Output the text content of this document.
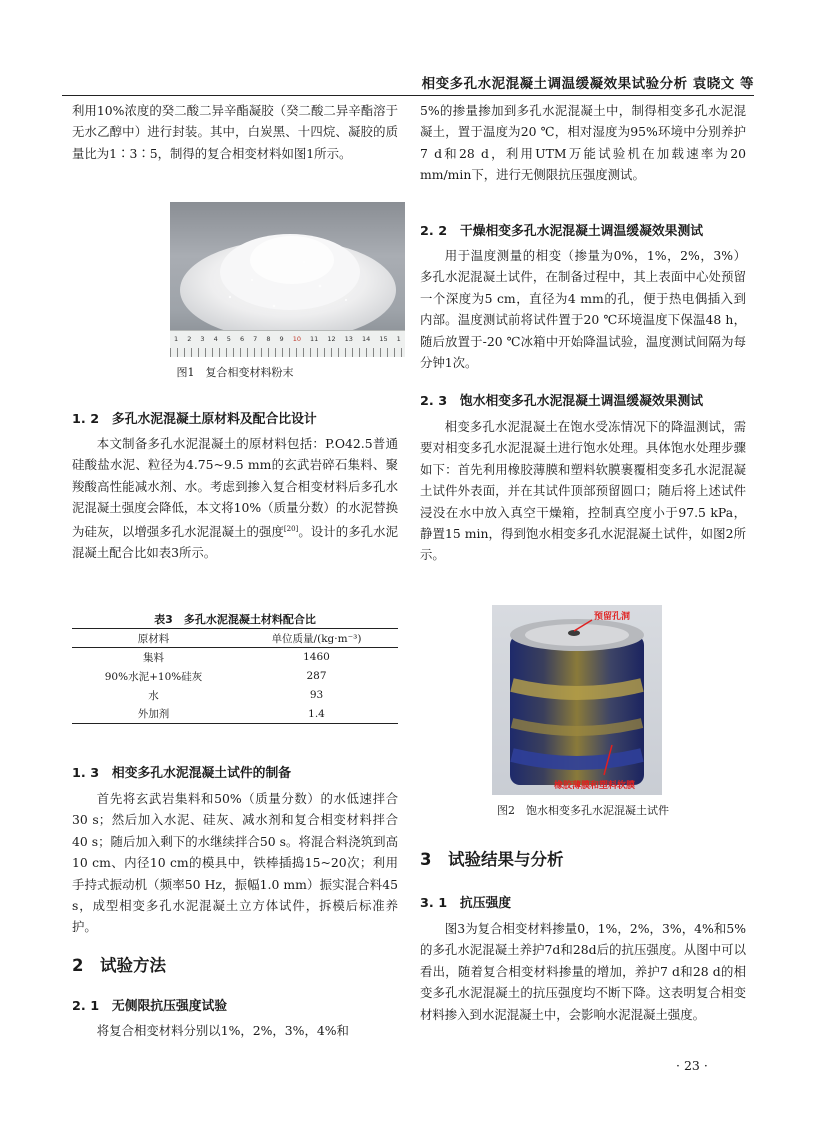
相变多孔水泥混凝土调温缓凝效果试验分析 袁晓文 等

利用10%浓度的癸二酸二异辛酯凝胶（癸二酸二异辛酯溶于无水乙醇中）进行封装。其中，白炭黑、十四烷、凝胶的质量比为1∶3∶5，制得的复合相变材料如图1所示。

1 2 3 4 5 6 7 8 9 10 11 12 13 14 15 1
图1　复合相变材料粉末
1. 2　多孔水泥混凝土原材料及配合比设计

本文制备多孔水泥混凝土的原材料包括：P.O42.5普通硅酸盐水泥、粒径为4.75~9.5 mm的玄武岩碎石集料、聚羧酸高性能减水剂、水。考虑到掺入复合相变材料后多孔水泥混凝土强度会降低，本文将10%（质量分数）的水泥替换为硅灰，以增强多孔水泥混凝土的强度[20]。设计的多孔水泥混凝土配合比如表3所示。

表3　多孔水泥混凝土材料配合比
原材料	单位质量/(kg·m⁻³)
集料	1460
90%水泥+10%硅灰	287
水	93
外加剂	1.4
1. 3　相变多孔水泥混凝土试件的制备

首先将玄武岩集料和50%（质量分数）的水低速拌合30 s；然后加入水泥、硅灰、减水剂和复合相变材料拌合40 s；随后加入剩下的水继续拌合50 s。将混合料浇筑到高10 cm、内径10 cm的模具中，铁棒插捣15~20次；利用手持式振动机（频率50 Hz，振幅1.0 mm）振实混合料45 s，成型相变多孔水泥混凝土立方体试件，拆模后标准养护。

2　试验方法
2. 1　无侧限抗压强度试验

将复合相变材料分别以1%，2%，3%，4%和

5%的掺量掺加到多孔水泥混凝土中，制得相变多孔水泥混凝土，置于温度为20 ℃，相对湿度为95%环境中分别养护7 d和28 d，利用UTM万能试验机在加载速率为20 mm/min下，进行无侧限抗压强度测试。

2. 2　干燥相变多孔水泥混凝土调温缓凝效果测试

用于温度测量的相变（掺量为0%，1%，2%，3%）多孔水泥混凝土试件，在制备过程中，其上表面中心处预留一个深度为5 cm，直径为4 mm的孔，便于热电偶插入到内部。温度测试前将试件置于20 ℃环境温度下保温48 h，随后放置于-20 ℃冰箱中开始降温试验，温度测试间隔为每分钟1次。

2. 3　饱水相变多孔水泥混凝土调温缓凝效果测试

相变多孔水泥混凝土在饱水受冻情况下的降温测试，需要对相变多孔水泥混凝土进行饱水处理。具体饱水处理步骤如下：首先利用橡胶薄膜和塑料软膜裹覆相变多孔水泥混凝土试件外表面，并在其试件顶部预留圆口；随后将上述试件浸没在水中放入真空干燥箱，控制真空度小于97.5 kPa，静置15 min，得到饱水相变多孔水泥混凝土试件，如图2所示。

预留孔洞
橡胶薄膜和塑料软膜
图2　饱水相变多孔水泥混凝土试件
3　试验结果与分析
3. 1　抗压强度

图3为复合相变材料掺量0，1%，2%，3%，4%和5%的多孔水泥混凝土养护7d和28d后的抗压强度。从图中可以看出，随着复合相变材料掺量的增加，养护7 d和28 d的相变多孔水泥混凝土的抗压强度均不断下降。这表明复合相变材料掺入到水泥混凝土中，会影响水泥混凝土强度。

· 23 ·
